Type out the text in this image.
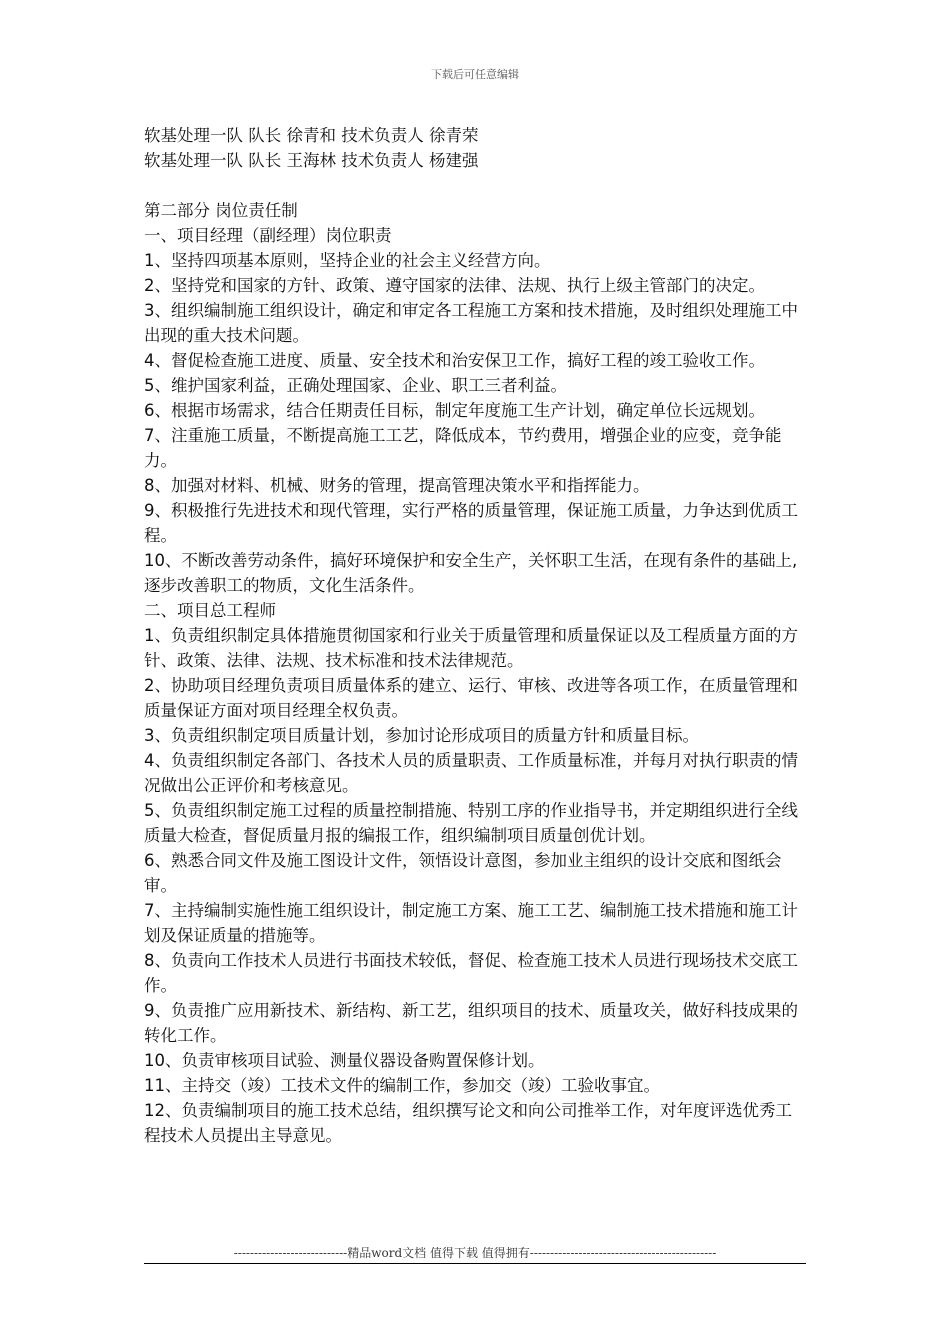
下载后可任意编辑

软基处理一队 队长 徐青和 技术负责人 徐青荣

软基处理一队 队长 王海林 技术负责人 杨建强

第二部分 岗位责任制

一、项目经理（副经理）岗位职责

1、坚持四项基本原则，坚持企业的社会主义经营方向。

2、坚持党和国家的方针、政策、遵守国家的法律、法规、执行上级主管部门的决定。

3、组织编制施工组织设计，确定和审定各工程施工方案和技术措施，及时组织处理施工中出现的重大技术问题。

4、督促检查施工进度、质量、安全技术和治安保卫工作，搞好工程的竣工验收工作。

5、维护国家利益，正确处理国家、企业、职工三者利益。

6、根据市场需求，结合任期责任目标，制定年度施工生产计划，确定单位长远规划。

7、注重施工质量，不断提高施工工艺，降低成本，节约费用，增强企业的应变，竞争能力。

8、加强对材料、机械、财务的管理，提高管理决策水平和指挥能力。

9、积极推行先进技术和现代管理，实行严格的质量管理，保证施工质量，力争达到优质工程。

10、不断改善劳动条件，搞好环境保护和安全生产，关怀职工生活，在现有条件的基础上,逐步改善职工的物质，文化生活条件。

二、项目总工程师

1、负责组织制定具体措施贯彻国家和行业关于质量管理和质量保证以及工程质量方面的方针、政策、法律、法规、技术标准和技术法律规范。

2、协助项目经理负责项目质量体系的建立、运行、审核、改进等各项工作，在质量管理和质量保证方面对项目经理全权负责。

3、负责组织制定项目质量计划，参加讨论形成项目的质量方针和质量目标。

4、负责组织制定各部门、各技术人员的质量职责、工作质量标准，并每月对执行职责的情况做出公正评价和考核意见。

5、负责组织制定施工过程的质量控制措施、特别工序的作业指导书，并定期组织进行全线质量大检查，督促质量月报的编报工作，组织编制项目质量创优计划。

6、熟悉合同文件及施工图设计文件，领悟设计意图，参加业主组织的设计交底和图纸会审。

7、主持编制实施性施工组织设计，制定施工方案、施工工艺、编制施工技术措施和施工计划及保证质量的措施等。

8、负责向工作技术人员进行书面技术较低，督促、检查施工技术人员进行现场技术交底工作。

9、负责推广应用新技术、新结构、新工艺，组织项目的技术、质量攻关，做好科技成果的转化工作。

10、负责审核项目试验、测量仪器设备购置保修计划。

11、主持交（竣）工技术文件的编制工作，参加交（竣）工验收事宜。

12、负责编制项目的施工技术总结，组织撰写论文和向公司推举工作，对年度评选优秀工程技术人员提出主导意见。

----------------------------精品word文档 值得下载 值得拥有----------------------------------------------
